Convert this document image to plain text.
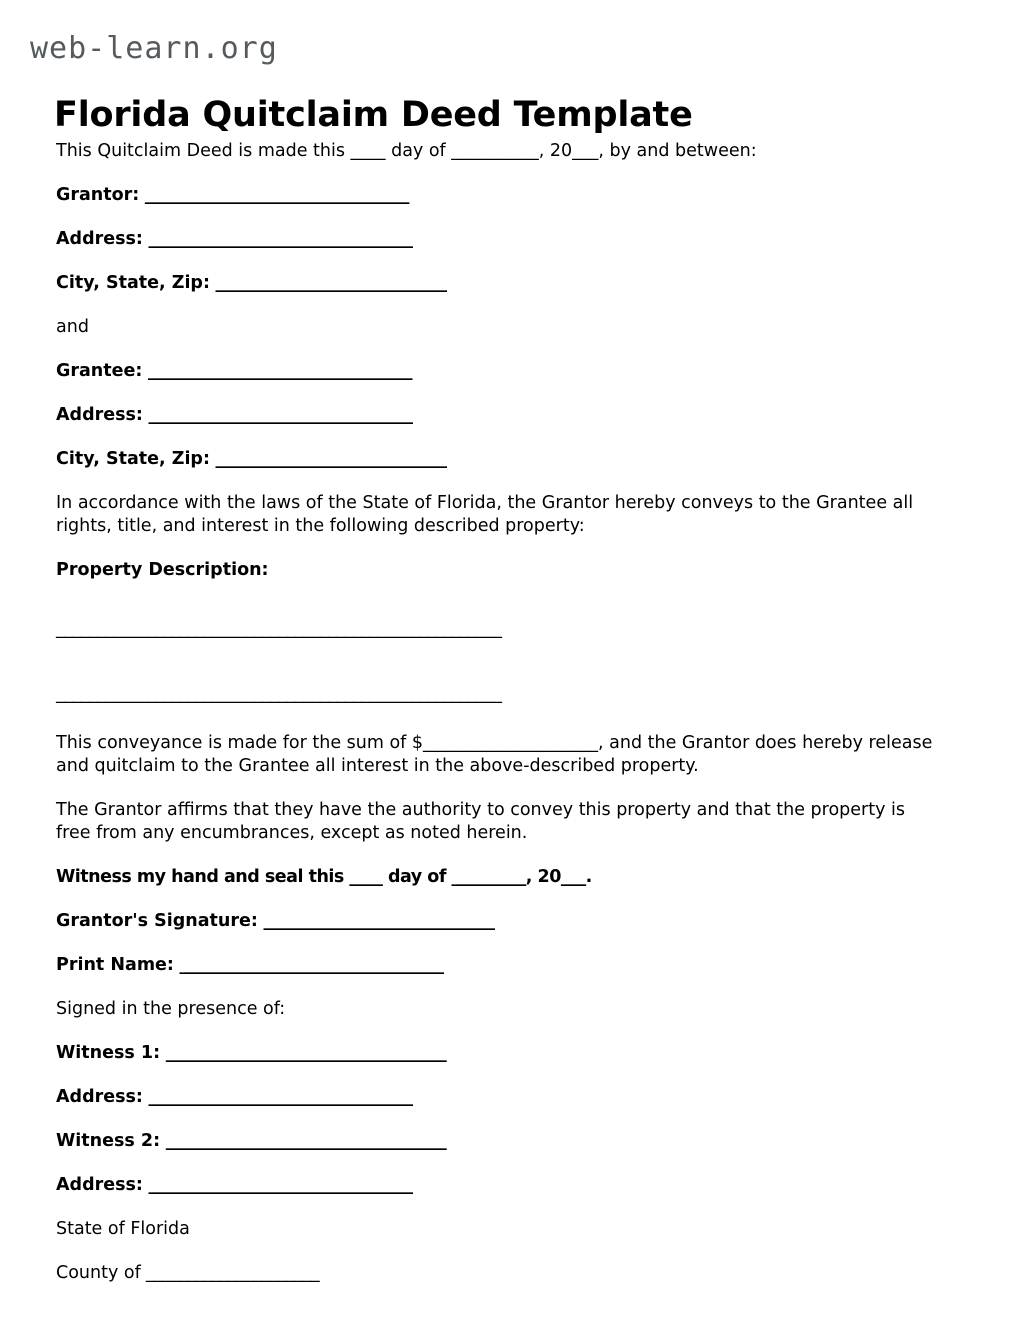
web-learn.org
Florida Quitclaim Deed Template

This Quitclaim Deed is made this ____ day of __________, 20___, by and between:

Grantor: ________________________________
Address: ________________________________
City, State, Zip: ____________________________

and

Grantee: ________________________________
Address: ________________________________
City, State, Zip: ____________________________

In accordance with the laws of the State of Florida, the Grantor hereby conveys to the Grantee all rights, title, and interest in the following described property:

Property Description:

______________________________________________________
______________________________________________________

This conveyance is made for the sum of $____________________, and the Grantor does hereby release and quitclaim to the Grantee all interest in the above-described property.

The Grantor affirms that they have the authority to convey this property and that the property is free from any encumbrances, except as noted herein.

Witness my hand and seal this ____ day of _________, 20___.

Grantor's Signature: ____________________________
Print Name: ________________________________

Signed in the presence of:

Witness 1: __________________________________
Address: ________________________________
Witness 2: __________________________________
Address: ________________________________

State of Florida

County of _____________________
